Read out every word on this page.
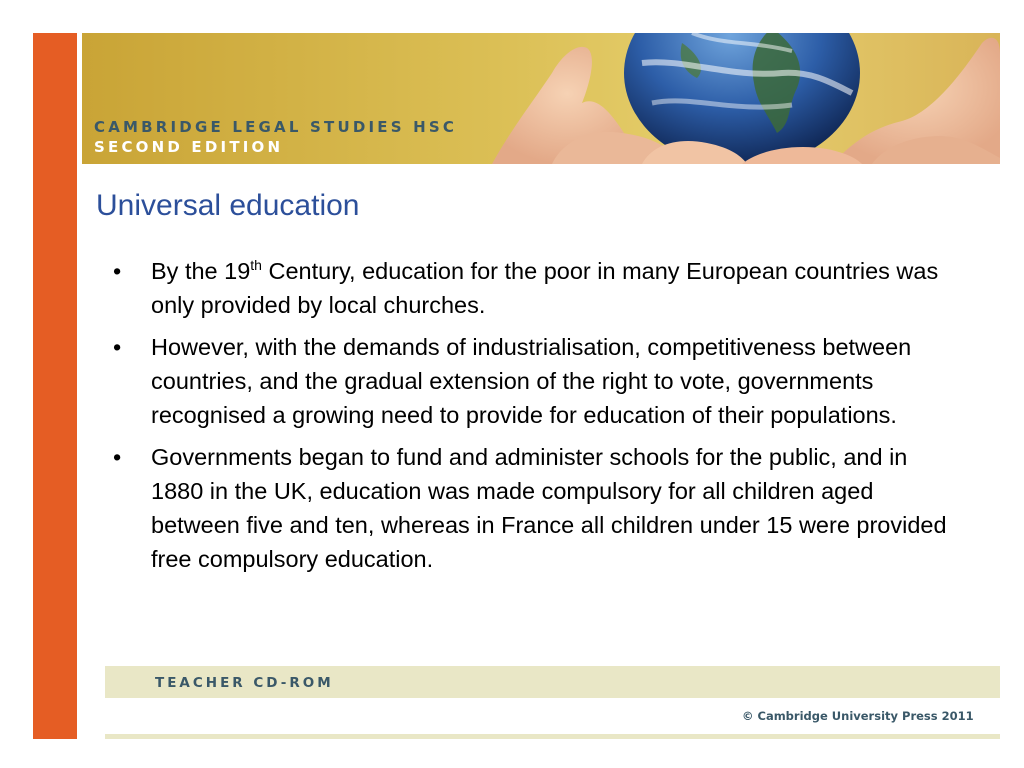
CAMBRIDGE LEGAL STUDIES HSC
SECOND EDITION
Universal education
• By the 19th Century, education for the poor in many European countries was only provided by local churches.
• However, with the demands of industrialisation, competitiveness between countries, and the gradual extension of the right to vote, governments recognised a growing need to provide for education of their populations.
• Governments began to fund and administer schools for the public, and in 1880 in the UK, education was made compulsory for all children aged between five and ten, whereas in France all children under 15 were provided free compulsory education.
TEACHER CD-ROM
© Cambridge University Press 2011
